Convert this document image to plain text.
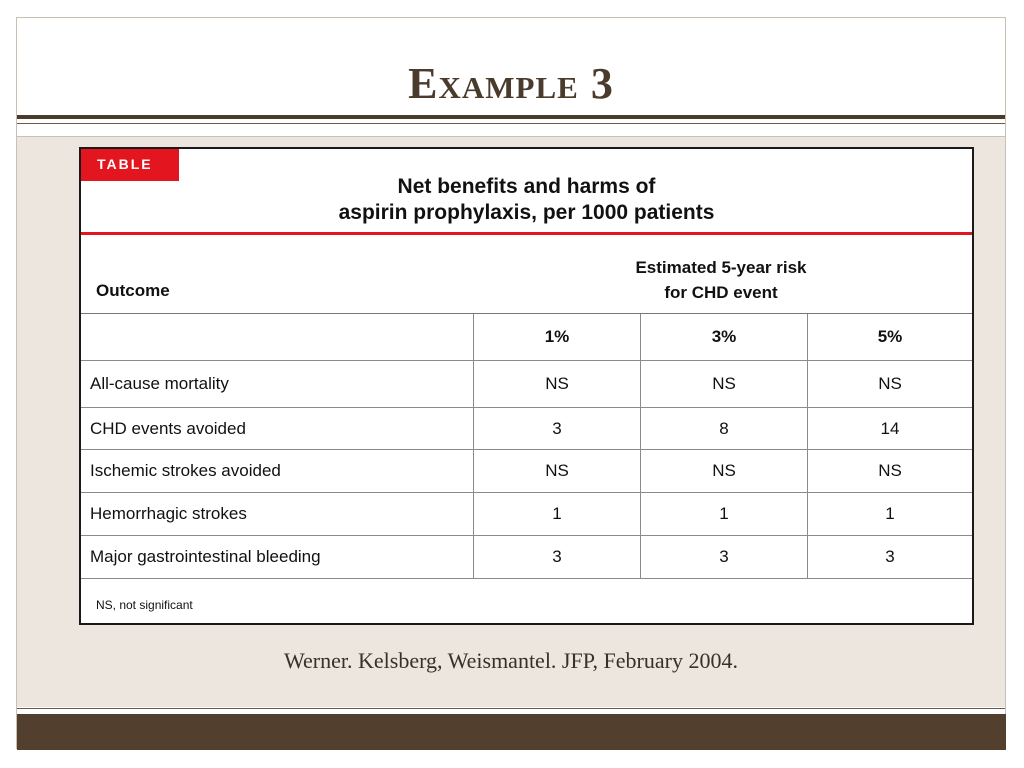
Example 3
TABLE
Net benefits and harms of
aspirin prophylaxis, per 1000 patients
Outcome
Estimated 5-year risk
for CHD event
1%	3%	5%
All-cause mortality	NS	NS	NS
CHD events avoided	3	8	14
Ischemic strokes avoided	NS	NS	NS
Hemorrhagic strokes	1	1	1
Major gastrointestinal bleeding	3	3	3
NS, not significant
Werner. Kelsberg, Weismantel. JFP, February 2004.
